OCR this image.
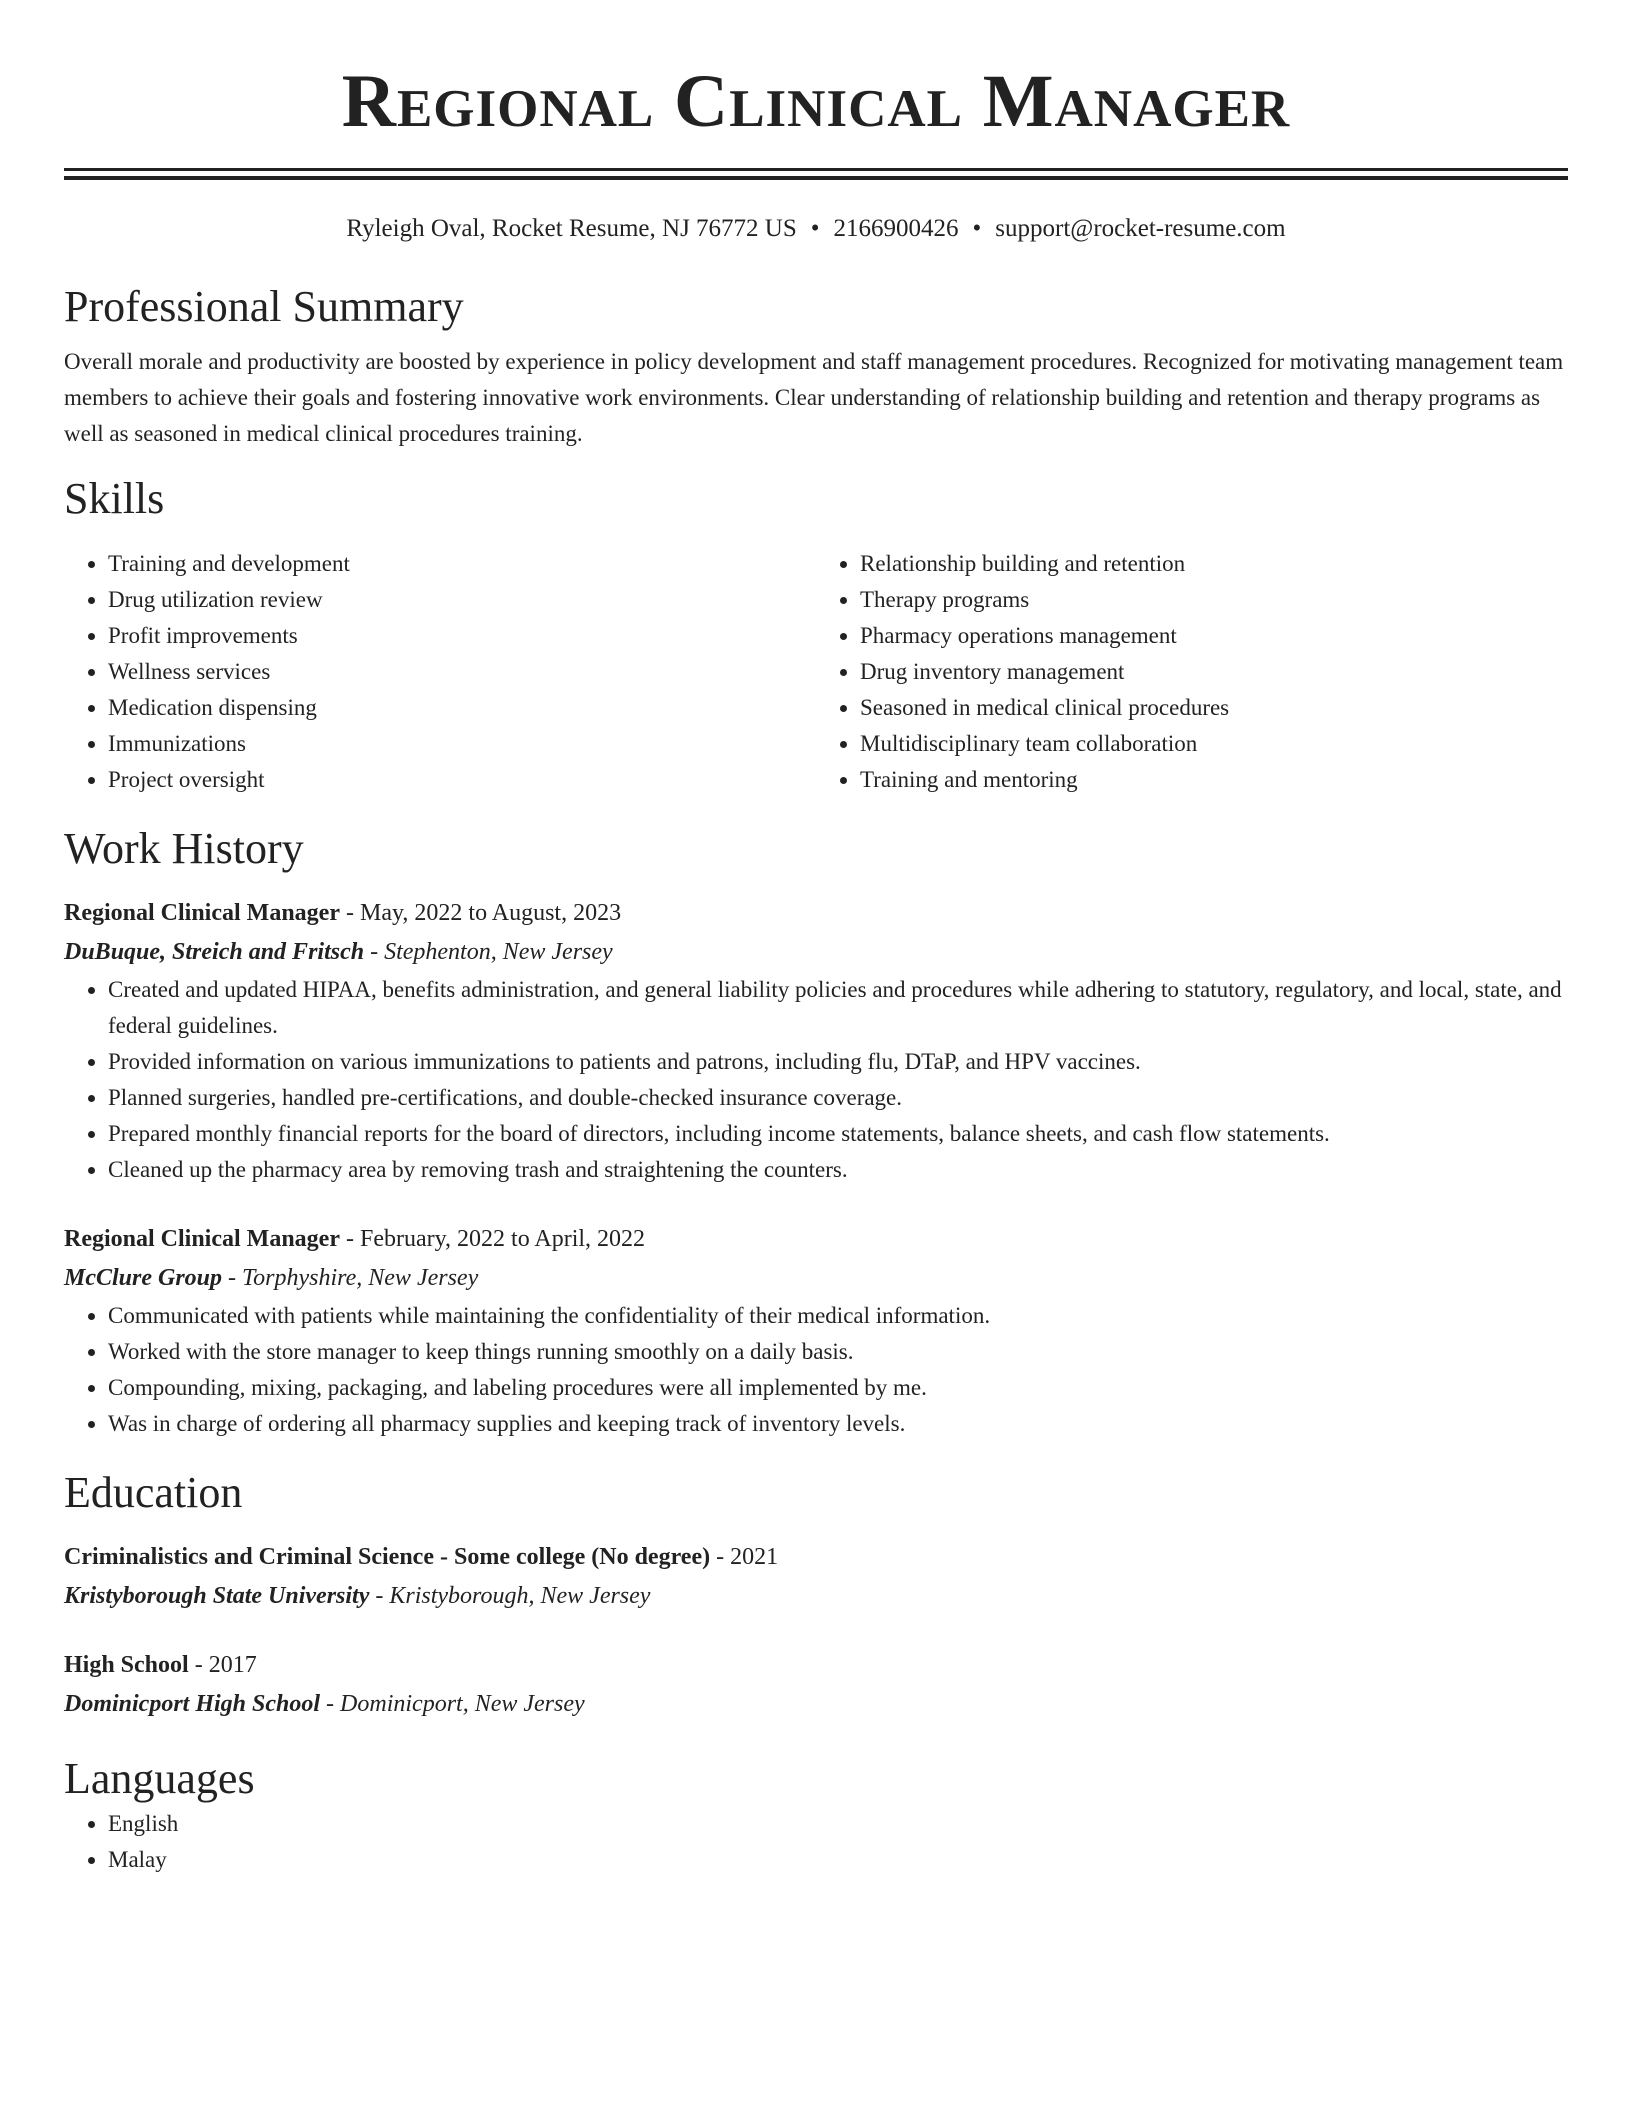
Regional Clinical Manager
Ryleigh Oval, Rocket Resume, NJ 76772 US • 2166900426 • support@rocket-resume.com
Professional Summary

Overall morale and productivity are boosted by experience in policy development and staff management procedures. Recognized for motivating management team members to achieve their goals and fostering innovative work environments. Clear understanding of relationship building and retention and therapy programs as well as seasoned in medical clinical procedures training.

Skills
• Training and development
• Drug utilization review
• Profit improvements
• Wellness services
• Medication dispensing
• Immunizations
• Project oversight
• Relationship building and retention
• Therapy programs
• Pharmacy operations management
• Drug inventory management
• Seasoned in medical clinical procedures
• Multidisciplinary team collaboration
• Training and mentoring
Work History
Regional Clinical Manager - May, 2022 to August, 2023
DuBuque, Streich and Fritsch - Stephenton, New Jersey
• Created and updated HIPAA, benefits administration, and general liability policies and procedures while adhering to statutory, regulatory, and local, state, and federal guidelines.
• Provided information on various immunizations to patients and patrons, including flu, DTaP, and HPV vaccines.
• Planned surgeries, handled pre-certifications, and double-checked insurance coverage.
• Prepared monthly financial reports for the board of directors, including income statements, balance sheets, and cash flow statements.
• Cleaned up the pharmacy area by removing trash and straightening the counters.
Regional Clinical Manager - February, 2022 to April, 2022
McClure Group - Torphyshire, New Jersey
• Communicated with patients while maintaining the confidentiality of their medical information.
• Worked with the store manager to keep things running smoothly on a daily basis.
• Compounding, mixing, packaging, and labeling procedures were all implemented by me.
• Was in charge of ordering all pharmacy supplies and keeping track of inventory levels.
Education
Criminalistics and Criminal Science - Some college (No degree) - 2021
Kristyborough State University - Kristyborough, New Jersey
High School - 2017
Dominicport High School - Dominicport, New Jersey
Languages
• English
• Malay
